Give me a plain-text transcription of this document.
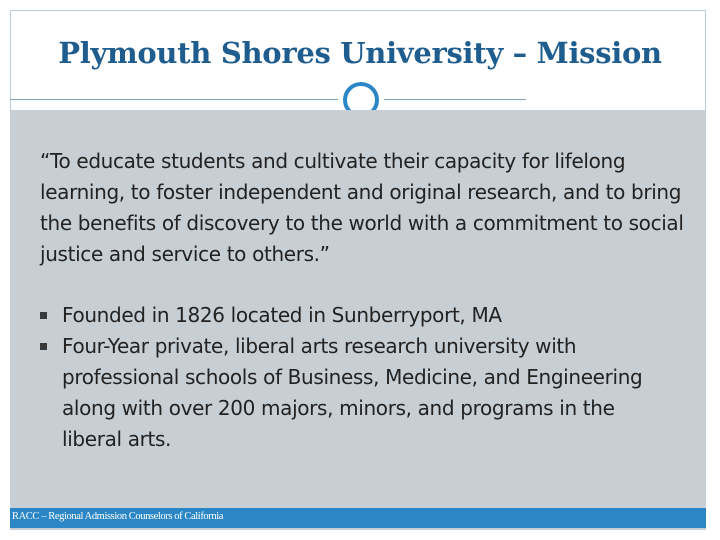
Plymouth Shores University – Mission

“To educate students and cultivate their capacity for lifelong learning, to foster independent and original research, and to bring the benefits of discovery to the world with a commitment to social justice and service to others.”

Founded in 1826 located in Sunberryport, MA
Four-Year private, liberal arts research university with professional schools of Business, Medicine, and Engineering along with over 200 majors, minors, and programs in the liberal arts.
RACC – Regional Admission Counselors of California
